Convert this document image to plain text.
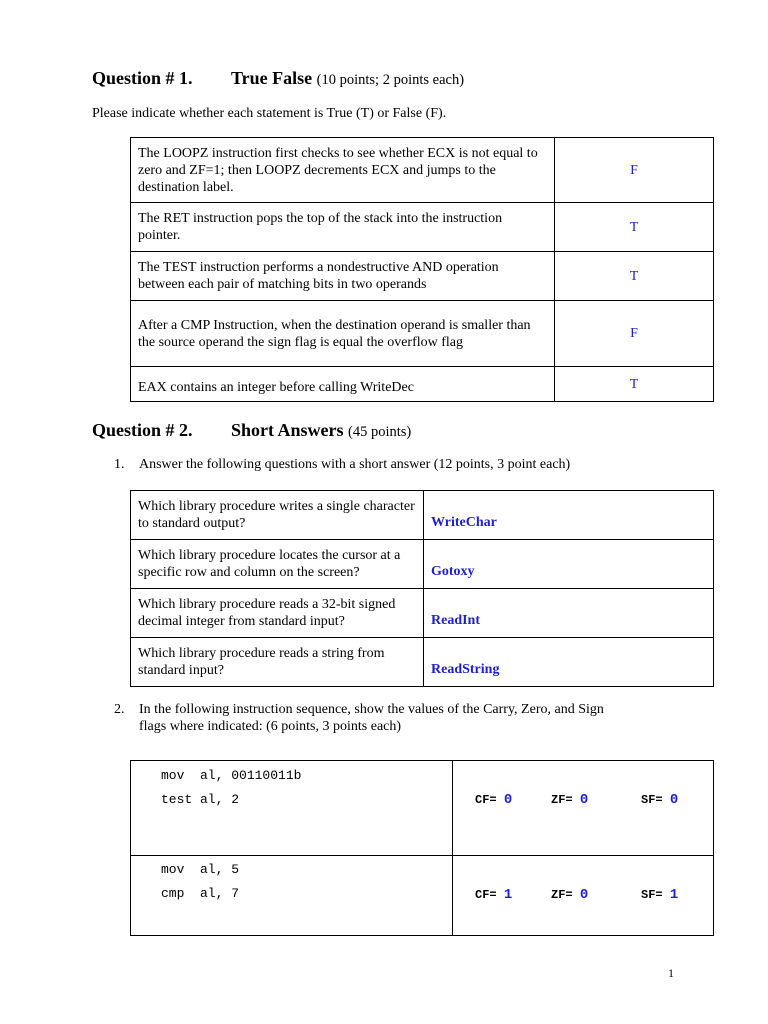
Question # 1. True False (10 points; 2 points each)
Please indicate whether each statement is True (T) or False (F).
The LOOPZ instruction first checks to see whether ECX is not equal to zero and ZF=1; then LOOPZ decrements ECX and jumps to the destination label.	F
The RET instruction pops the top of the stack into the instruction pointer.	T
The TEST instruction performs a nondestructive AND operation between each pair of matching bits in two operands	T
After a CMP Instruction, when the destination operand is smaller than the source operand the sign flag is equal the overflow flag	F
EAX contains an integer before calling WriteDec	T
Question # 2. Short Answers (45 points)
1. Answer the following questions with a short answer (12 points, 3 point each)
Which library procedure writes a single character to standard output?	WriteChar
Which library procedure locates the cursor at a specific row and column on the screen?	Gotoxy
Which library procedure reads a 32-bit signed decimal integer from standard input?	ReadInt
Which library procedure reads a string from standard input?	ReadString
2. In the following instruction sequence, show the values of the Carry, Zero, and Sign
flags where indicated: (6 points, 3 points each)
mov  al, 00110011b
test al, 2	CF= 0 ZF= 0 SF= 0

mov  al, 5
cmp  al, 7	CF= 1 ZF= 0 SF= 1
1
